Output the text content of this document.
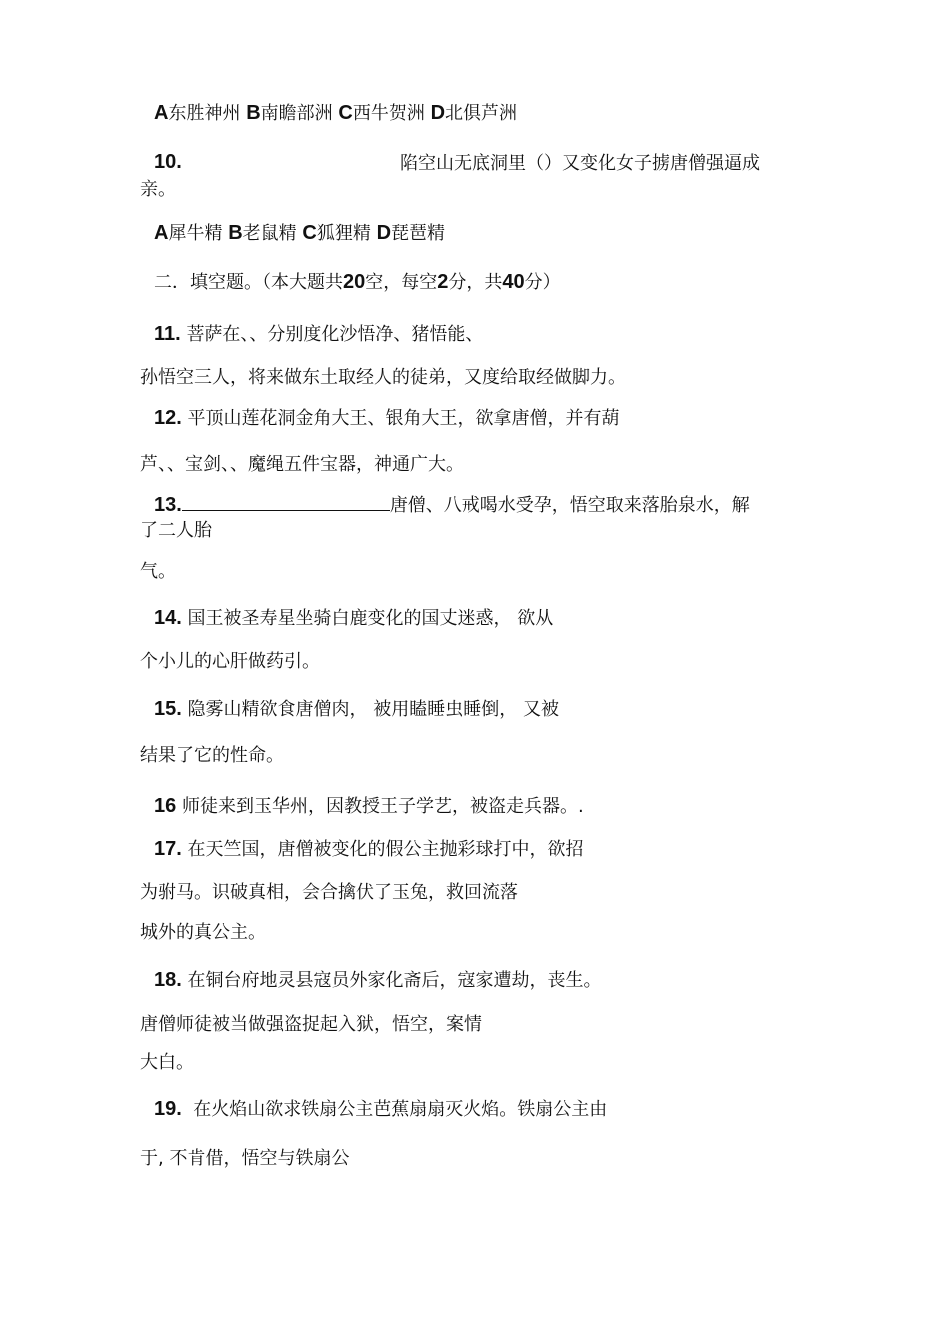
A东胜神州 B南瞻部洲 C西牛贺洲 D北俱芦洲
10.	陷空山无底洞里（）又变化女子掳唐僧强逼成
亲。
A犀牛精 B老鼠精 C狐狸精 D琵琶精
二．填空题。（本大题共20空，每空2分，共40分）
11. 菩萨在、、分别度化沙悟净、猪悟能、
孙悟空三人，将来做东土取经人的徒弟，又度给取经做脚力。
12. 平顶山莲花洞金角大王、银角大王，欲拿唐僧，并有葫
芦、、宝剑、、魔绳五件宝器，神通广大。
13.	唐僧、八戒喝水受孕，悟空取来落胎泉水，解
了二人胎
气。
14. 国王被圣寿星坐骑白鹿变化的国丈迷惑， 欲从
个小儿的心肝做药引。
15. 隐雾山精欲食唐僧肉， 被用瞌睡虫睡倒， 又被
结果了它的性命。
16 师徒来到玉华州，因教授王子学艺，被盗走兵器。.
17. 在天竺国，唐僧被变化的假公主抛彩球打中，欲招
为驸马。识破真相，会合擒伏了玉兔，救回流落
城外的真公主。
18. 在铜台府地灵县寇员外家化斋后，寇家遭劫，丧生。
唐僧师徒被当做强盗捉起入狱，悟空，案情
大白。
19. 在火焰山欲求铁扇公主芭蕉扇扇灭火焰。铁扇公主由
于, 不肯借，悟空与铁扇公
